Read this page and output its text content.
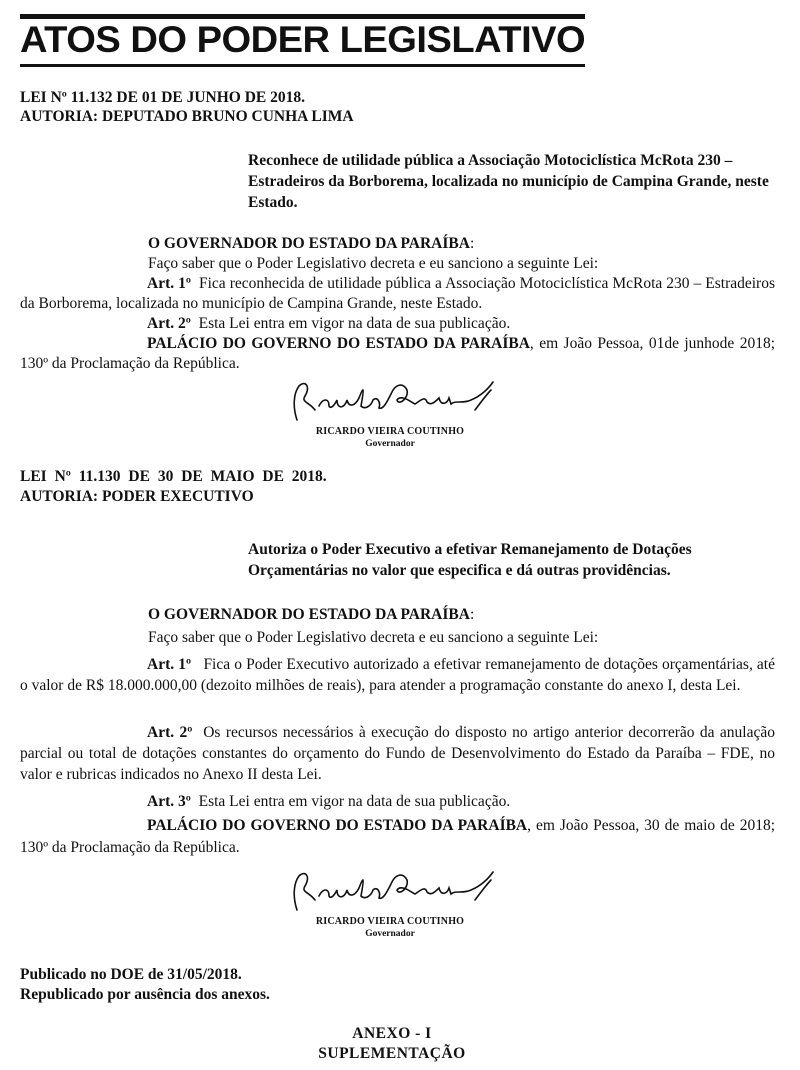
ATOS DO PODER LEGISLATIVO
LEI Nº 11.132 DE 01 DE JUNHO DE 2018.
AUTORIA: DEPUTADO BRUNO CUNHA LIMA
Reconhece de utilidade pública a Associação Motociclística McRota 230 – Estradeiros da Borborema, localizada no município de Campina Grande, neste Estado.
O GOVERNADOR DO ESTADO DA PARAÍBA:
Faço saber que o Poder Legislativo decreta e eu sanciono a seguinte Lei:
Art. 1º Fica reconhecida de utilidade pública a Associação Motociclística McRota 230 – Estradeiros da Borborema, localizada no município de Campina Grande, neste Estado.
Art. 2º Esta Lei entra em vigor na data de sua publicação.
PALÁCIO DO GOVERNO DO ESTADO DA PARAÍBA, em João Pessoa, 01de junhode 2018; 130º da Proclamação da República.
RICARDO VIEIRA COUTINHO
Governador
LEI Nº 11.130 DE 30 DE MAIO DE 2018.
AUTORIA: PODER EXECUTIVO
Autoriza o Poder Executivo a efetivar Remanejamento de Dotações Orçamentárias no valor que especifica e dá outras providências.
O GOVERNADOR DO ESTADO DA PARAÍBA:
Faço saber que o Poder Legislativo decreta e eu sanciono a seguinte Lei:
Art. 1º Fica o Poder Executivo autorizado a efetivar remanejamento de dotações orçamentárias, até o valor de R$ 18.000.000,00 (dezoito milhões de reais), para atender a programação constante do anexo I, desta Lei.
Art. 2º Os recursos necessários à execução do disposto no artigo anterior decorrerão da anulação parcial ou total de dotações constantes do orçamento do Fundo de Desenvolvimento do Estado da Paraíba – FDE, no valor e rubricas indicados no Anexo II desta Lei.
Art. 3º Esta Lei entra em vigor na data de sua publicação.
PALÁCIO DO GOVERNO DO ESTADO DA PARAÍBA, em João Pessoa, 30 de maio de 2018; 130º da Proclamação da República.
RICARDO VIEIRA COUTINHO
Governador
Publicado no DOE de 31/05/2018.
Republicado por ausência dos anexos.
ANEXO - I
SUPLEMENTAÇÃO
